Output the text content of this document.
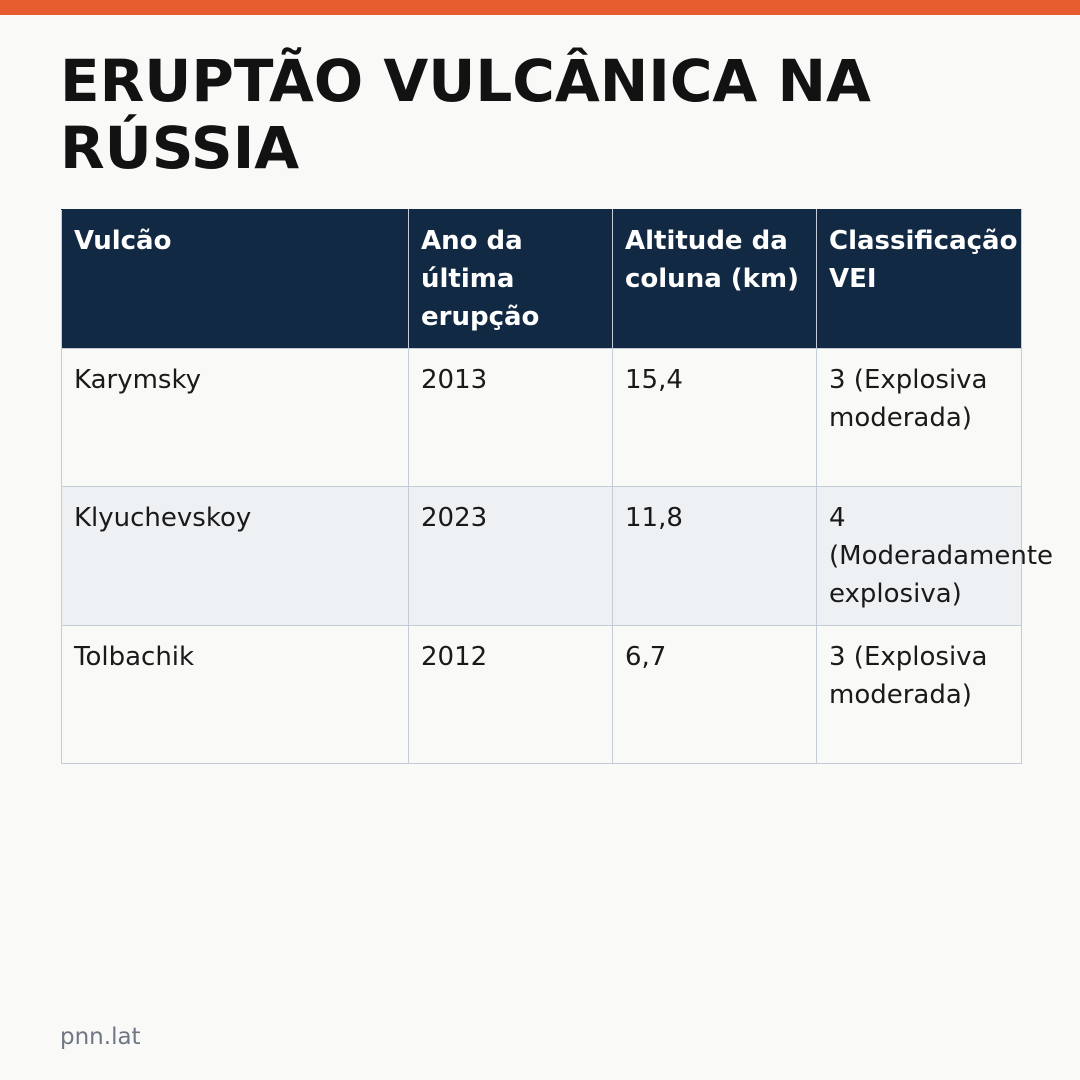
ERUPTÃO VULCÂNICA NA RÚSSIA
Vulcão	Ano da última erupção	Altitude da coluna (km)	Classificação VEI
Karymsky	2013	15,4	3 (Explosiva moderada)
Klyuchevskoy	2023	11,8	4 (Moderadamente explosiva)
Tolbachik	2012	6,7	3 (Explosiva moderada)
pnn.lat
